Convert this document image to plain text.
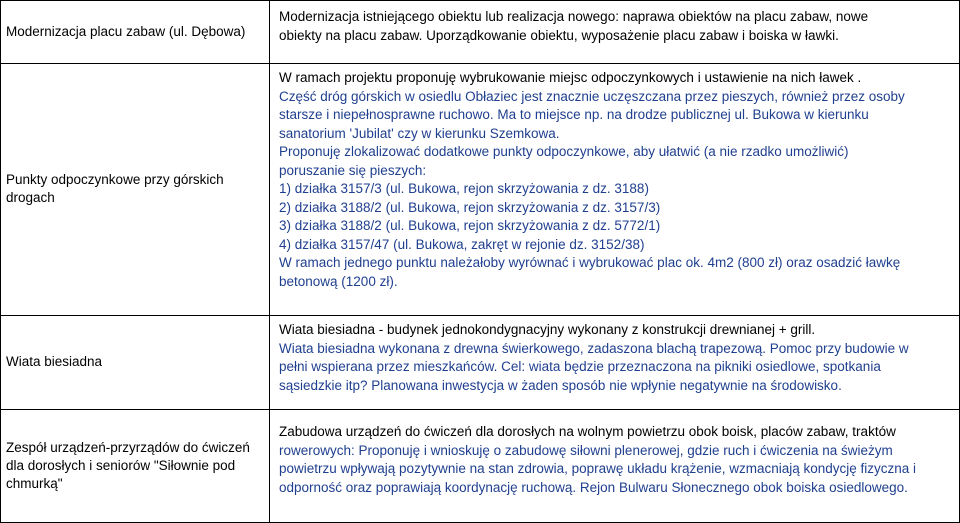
Modernizacja placu zabaw (ul. Dębowa)

Modernizacja istniejącego obiektu lub realizacja nowego: naprawa obiektów na placu zabaw, nowe

obiekty na placu zabaw. Uporządkowanie obiektu, wyposażenie placu zabaw i boiska w ławki.

Punkty odpoczynkowe przy górskich drogach

W ramach projektu proponuję wybrukowanie miejsc odpoczynkowych i ustawienie na nich ławek .

Część dróg górskich w osiedlu Obłaziec jest znacznie uczęszczana przez pieszych, również przez osoby

starsze i niepełnosprawne ruchowo. Ma to miejsce np. na drodze publicznej ul. Bukowa w kierunku

sanatorium 'Jubilat' czy w kierunku Szemkowa.

Proponuję zlokalizować dodatkowe punkty odpoczynkowe, aby ułatwić (a nie rzadko umożliwić)

poruszanie się pieszych:

1) działka 3157/3 (ul. Bukowa, rejon skrzyżowania z dz. 3188)

2) działka 3188/2 (ul. Bukowa, rejon skrzyżowania z dz. 3157/3)

3) działka 3188/2 (ul. Bukowa, rejon skrzyżowania z dz. 5772/1)

4) działka 3157/47 (ul. Bukowa, zakręt w rejonie dz. 3152/38)

W ramach jednego punktu należałoby wyrównać i wybrukować plac ok. 4m2 (800 zł) oraz osadzić ławkę

betonową (1200 zł).

Wiata biesiadna

Wiata biesiadna - budynek jednokondygnacyjny wykonany z konstrukcji drewnianej + grill.

Wiata biesiadna wykonana z drewna świerkowego, zadaszona blachą trapezową. Pomoc przy budowie w

pełni wspierana przez mieszkańców. Cel: wiata będzie przeznaczona na pikniki osiedlowe, spotkania

sąsiedzkie itp? Planowana inwestycja w żaden sposób nie wpłynie negatywnie na środowisko.

Zespół urządzeń-przyrządów do ćwiczeń dla dorosłych i seniorów "Siłownie pod chmurką"

Zabudowa urządzeń do ćwiczeń dla dorosłych na wolnym powietrzu obok boisk, placów zabaw, traktów

rowerowych: Proponuję i wnioskuję o zabudowę siłowni plenerowej, gdzie ruch i ćwiczenia na świeżym

powietrzu wpływają pozytywnie na stan zdrowia, poprawę układu krążenie, wzmacniają kondycję fizyczna i

odporność oraz poprawiają koordynację ruchową. Rejon Bulwaru Słonecznego obok boiska osiedlowego.
